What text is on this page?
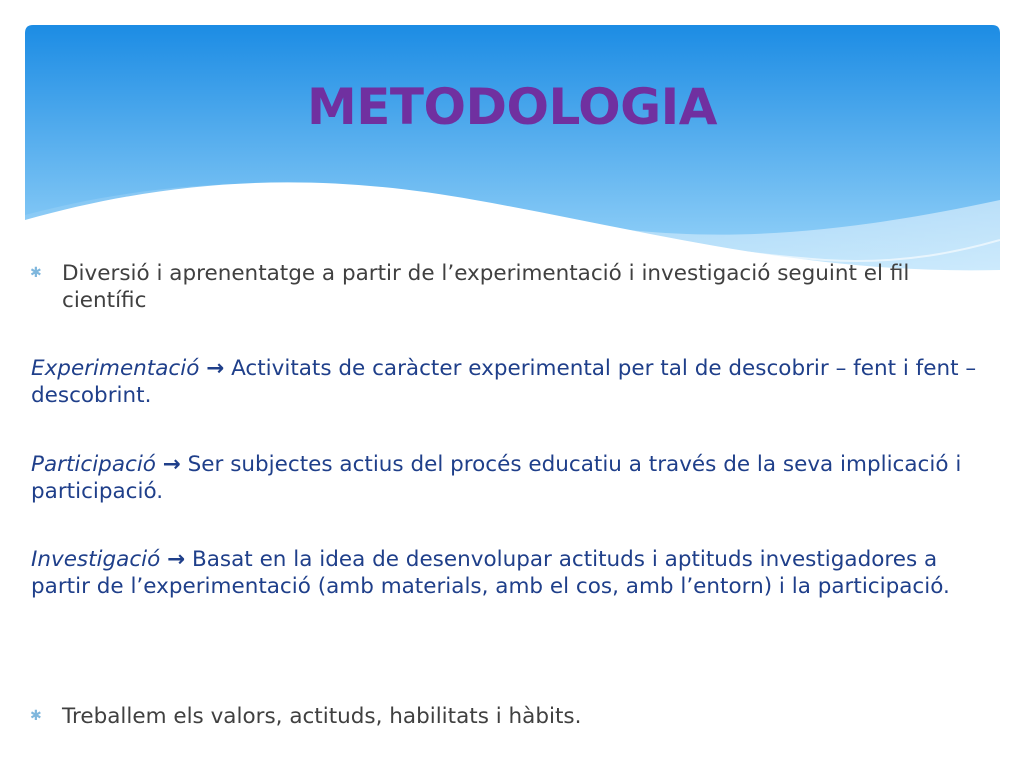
METODOLOGIA
✱ Diversió i aprenentatge a partir de l’experimentació i investigació seguint el fil científic
Experimentació → Activitats de caràcter experimental per tal de descobrir – fent i fent – descobrint.
Participació → Ser subjectes actius del procés educatiu a través de la seva implicació i participació.
Investigació → Basat en la idea de desenvolupar actituds i aptituds investigadores a partir de l’experimentació (amb materials, amb el cos, amb l’entorn) i la participació.
✱ Treballem els valors, actituds, habilitats i hàbits.
